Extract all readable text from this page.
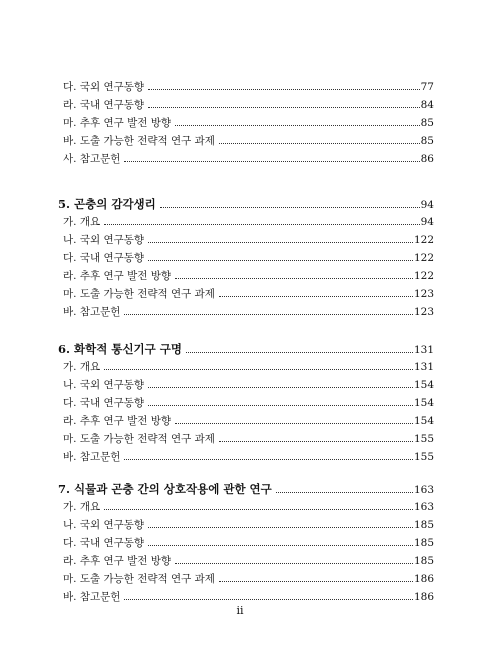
다. 국외 연구동향	77
라. 국내 연구동향	84
마. 추후 연구 발전 방향	85
바. 도출 가능한 전략적 연구 과제	85
사. 참고문헌	86
5. 곤충의 감각생리	94
가. 개요	94
나. 국외 연구동향	122
다. 국내 연구동향	122
라. 추후 연구 발전 방향	122
마. 도출 가능한 전략적 연구 과제	123
바. 참고문헌	123
6. 화학적 통신기구 구명	131
가. 개요	131
나. 국외 연구동향	154
다. 국내 연구동향	154
라. 추후 연구 발전 방향	154
마. 도출 가능한 전략적 연구 과제	155
바. 참고문헌	155
7. 식물과 곤충 간의 상호작용에 관한 연구	163
가. 개요	163
나. 국외 연구동향	185
다. 국내 연구동향	185
라. 추후 연구 발전 방향	185
마. 도출 가능한 전략적 연구 과제	186
바. 참고문헌	186
ii
